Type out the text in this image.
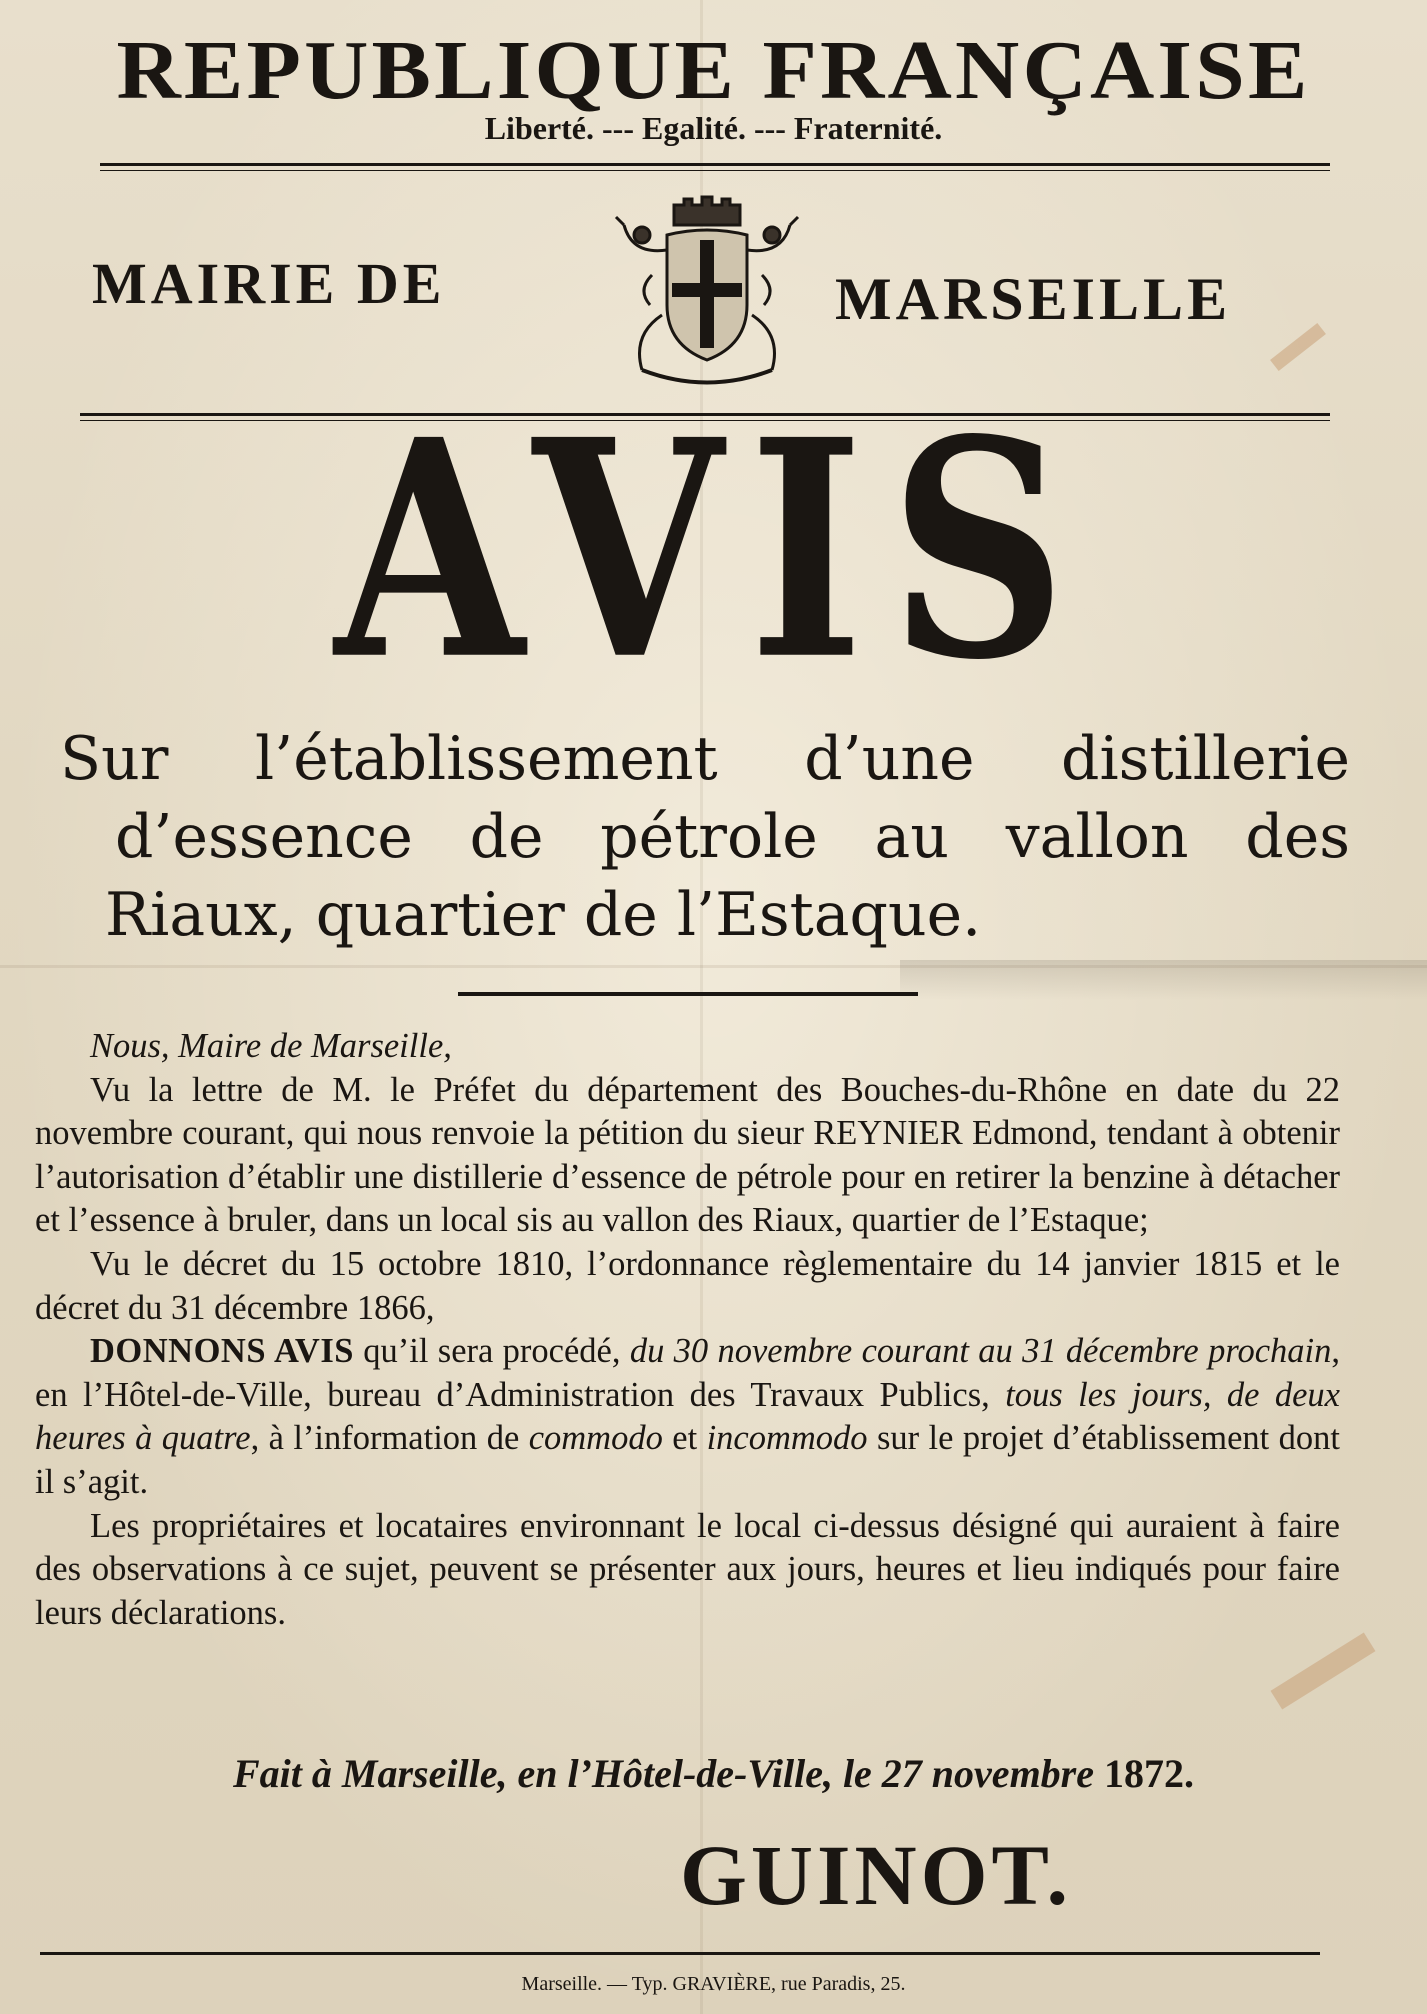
REPUBLIQUE FRANÇAISE
Liberté. --- Egalité. --- Fraternité.
MAIRIE DE	MARSEILLE
AVIS
Sur l’établissement d’une distillerie
d’essence de pétrole au vallon des
Riaux, quartier de l’Estaque.

Nous, Maire de Marseille,

Vu la lettre de M. le Préfet du département des Bouches-du-Rhône en date du 22 novembre courant, qui nous renvoie la pétition du sieur REYNIER Edmond, tendant à obtenir l’autorisation d’établir une distillerie d’essence de pétrole pour en retirer la benzine à détacher et l’essence à bruler, dans un local sis au vallon des Riaux, quartier de l’Estaque;

Vu le décret du 15 octobre 1810, l’ordonnance règlementaire du 14 janvier 1815 et le décret du 31 décembre 1866,

DONNONS AVIS qu’il sera procédé, du 30 novembre courant au 31 décembre prochain, en l’Hôtel-de-Ville, bureau d’Administration des Travaux Publics, tous les jours, de deux heures à quatre, à l’information de commodo et incommodo sur le projet d’établissement dont il s’agit.

Les propriétaires et locataires environnant le local ci-dessus désigné qui auraient à faire des observations à ce sujet, peuvent se présenter aux jours, heures et lieu indiqués pour faire leurs déclarations.

Fait à Marseille, en l’Hôtel-de-Ville, le 27 novembre 1872.
GUINOT.
Marseille. — Typ. GRAVIÈRE, rue Paradis, 25.
